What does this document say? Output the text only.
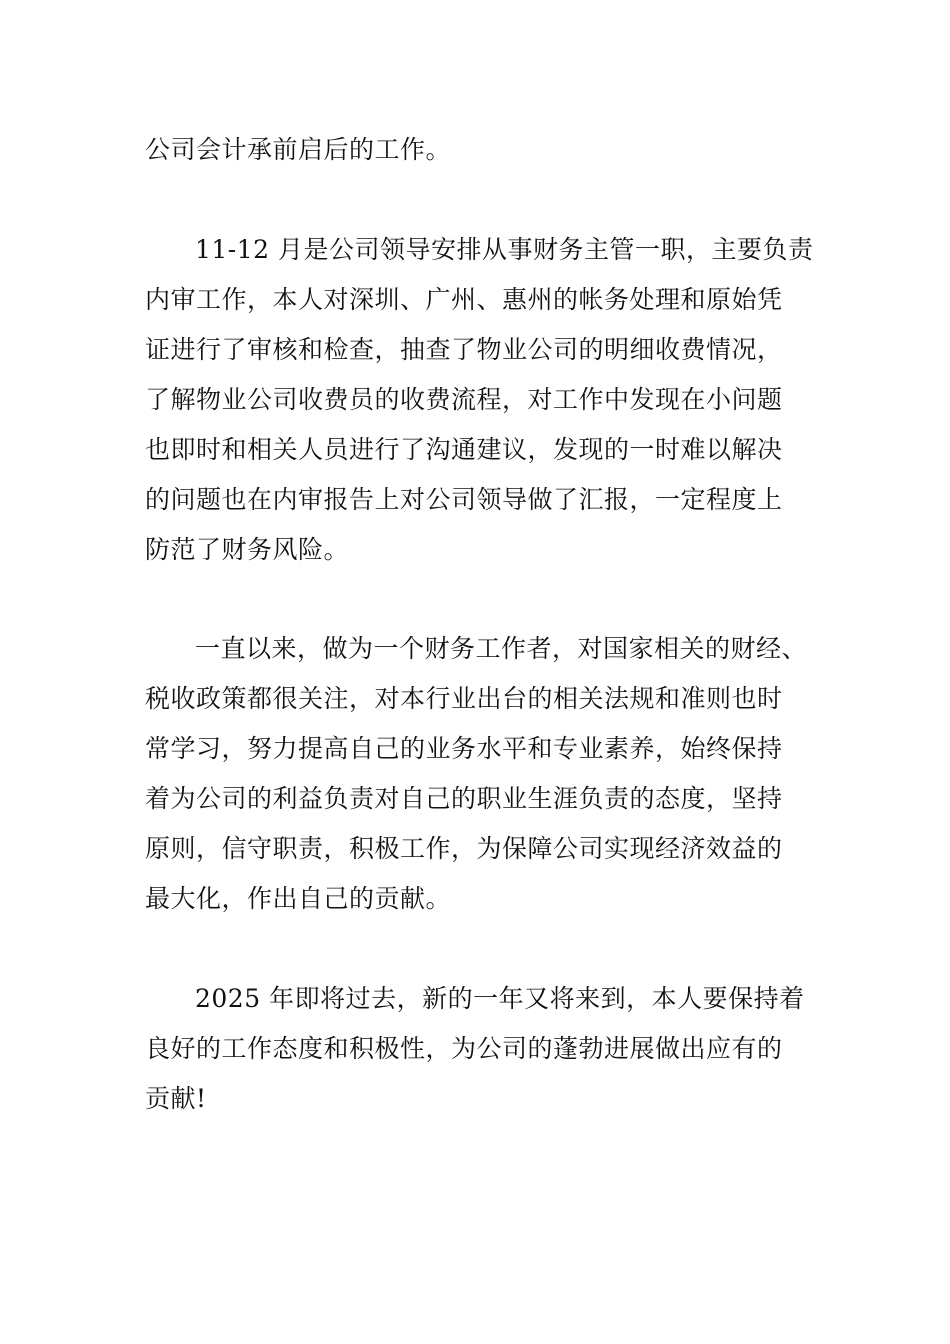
公司会计承前启后的工作。
11-12 月是公司领导安排从事财务主管一职，主要负责
内审工作，本人对深圳、广州、惠州的帐务处理和原始凭
证进行了审核和检查，抽查了物业公司的明细收费情况，
了解物业公司收费员的收费流程，对工作中发现在小问题
也即时和相关人员进行了沟通建议，发现的一时难以解决
的问题也在内审报告上对公司领导做了汇报，一定程度上
防范了财务风险。
一直以来，做为一个财务工作者，对国家相关的财经、
税收政策都很关注，对本行业出台的相关法规和准则也时
常学习，努力提高自己的业务水平和专业素养，始终保持
着为公司的利益负责对自己的职业生涯负责的态度，坚持
原则，信守职责，积极工作，为保障公司实现经济效益的
最大化，作出自己的贡献。
2025 年即将过去，新的一年又将来到，本人要保持着
良好的工作态度和积极性，为公司的蓬勃进展做出应有的
贡献!
